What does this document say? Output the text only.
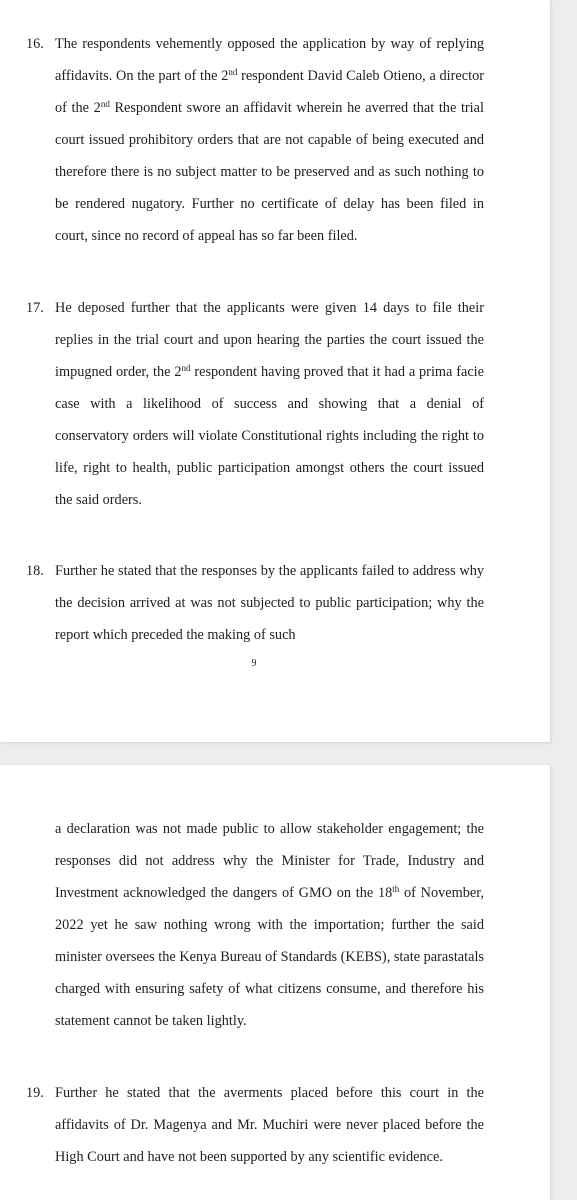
16. The respondents vehemently opposed the application by way of replying affidavits. On the part of the 2nd respondent David Caleb Otieno, a director of the 2nd Respondent swore an affidavit wherein he averred that the trial court issued prohibitory orders that are not capable of being executed and therefore there is no subject matter to be preserved and as such nothing to be rendered nugatory. Further no certificate of delay has been filed in court, since no record of appeal has so far been filed.
17. He deposed further that the applicants were given 14 days to file their replies in the trial court and upon hearing the parties the court issued the impugned order, the 2nd respondent having proved that it had a prima facie case with a likelihood of success and showing that a denial of conservatory orders will violate Constitutional rights including the right to life, right to health, public participation amongst others the court issued the said orders.
18. Further he stated that the responses by the applicants failed to address why the decision arrived at was not subjected to public participation; why the report which preceded the making of such
9
a declaration was not made public to allow stakeholder engagement; the responses did not address why the Minister for Trade, Industry and Investment acknowledged the dangers of GMO on the 18th of November, 2022 yet he saw nothing wrong with the importation; further the said minister oversees the Kenya Bureau of Standards (KEBS), state parastatals charged with ensuring safety of what citizens consume, and therefore his statement cannot be taken lightly.
19. Further he stated that the averments placed before this court in the affidavits of Dr. Magenya and Mr. Muchiri were never placed before the High Court and have not been supported by any scientific evidence.
